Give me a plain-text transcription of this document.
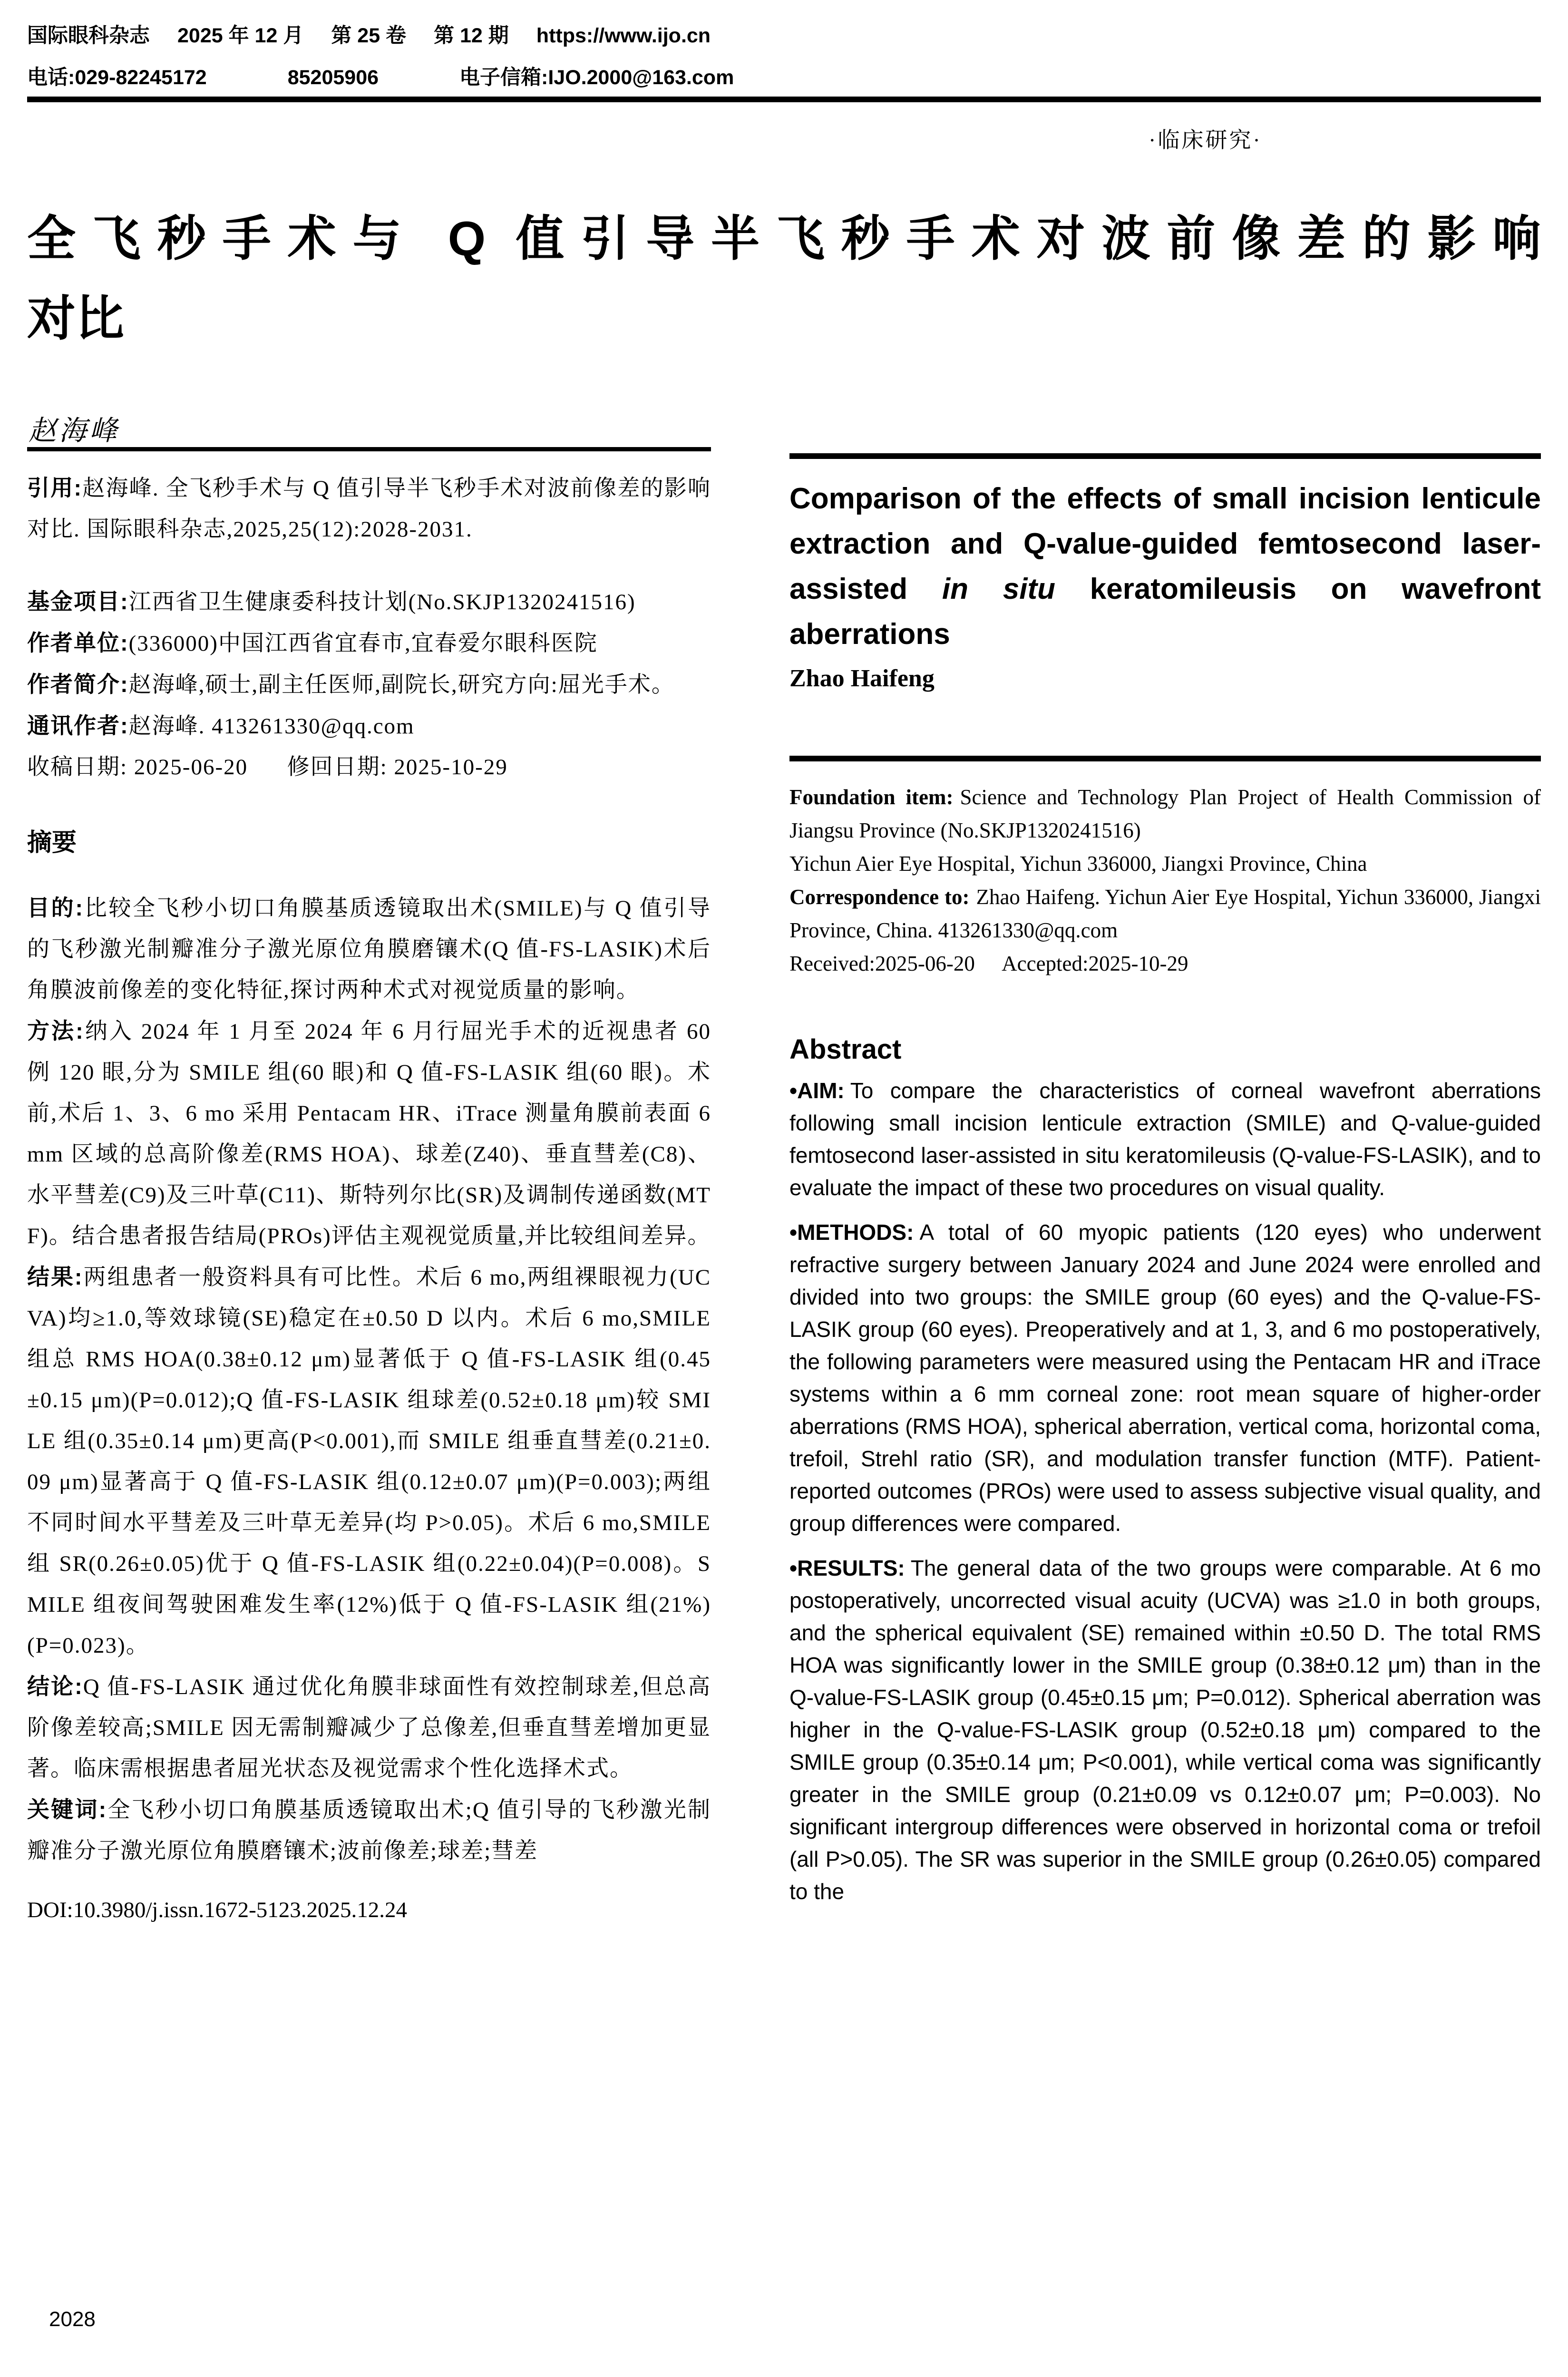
国际眼科杂志 2025 年 12 月 第 25 卷 第 12 期 https://www.ijo.cn
电话:029-82245172	85205906	电子信箱:IJO.2000@163.com
·临床研究·
全飞秒手术与 Q 值引导半飞秒手术对波前像差的影响
对比
赵海峰

引用:赵海峰. 全飞秒手术与 Q 值引导半飞秒手术对波前像差的影响对比. 国际眼科杂志,2025,25(12):2028-2031.

基金项目:江西省卫生健康委科技计划(No.SKJP1320241516)

作者单位:(336000)中国江西省宜春市,宜春爱尔眼科医院

作者简介:赵海峰,硕士,副主任医师,副院长,研究方向:屈光手术。

通讯作者:赵海峰. 413261330@qq.com

收稿日期: 2025-06-20      修回日期: 2025-10-29

摘要

目的:比较全飞秒小切口角膜基质透镜取出术(SMILE)与 Q 值引导的飞秒激光制瓣准分子激光原位角膜磨镶术(Q 值-FS-LASIK)术后角膜波前像差的变化特征,探讨两种术式对视觉质量的影响。

方法:纳入 2024 年 1 月至 2024 年 6 月行屈光手术的近视患者 60 例 120 眼,分为 SMILE 组(60 眼)和 Q 值-FS-LASIK 组(60 眼)。术前,术后 1、3、6 mo 采用 Pentacam HR、iTrace 测量角膜前表面 6 mm 区域的总高阶像差(RMS HOA)、球差(Z40)、垂直彗差(C8)、水平彗差(C9)及三叶草(C11)、斯特列尔比(SR)及调制传递函数(MTF)。结合患者报告结局(PROs)评估主观视觉质量,并比较组间差异。

结果:两组患者一般资料具有可比性。术后 6 mo,两组裸眼视力(UCVA)均≥1.0,等效球镜(SE)稳定在±0.50 D 以内。术后 6 mo,SMILE 组总 RMS HOA(0.38±0.12 μm)显著低于 Q 值-FS-LASIK 组(0.45±0.15 μm)(P=0.012);Q 值-FS-LASIK 组球差(0.52±0.18 μm)较 SMILE 组(0.35±0.14 μm)更高(P<0.001),而 SMILE 组垂直彗差(0.21±0.09 μm)显著高于 Q 值-FS-LASIK 组(0.12±0.07 μm)(P=0.003);两组不同时间水平彗差及三叶草无差异(均 P>0.05)。术后 6 mo,SMILE 组 SR(0.26±0.05)优于 Q 值-FS-LASIK 组(0.22±0.04)(P=0.008)。SMILE 组夜间驾驶困难发生率(12%)低于 Q 值-FS-LASIK 组(21%)(P=0.023)。

结论:Q 值-FS-LASIK 通过优化角膜非球面性有效控制球差,但总高阶像差较高;SMILE 因无需制瓣减少了总像差,但垂直彗差增加更显著。临床需根据患者屈光状态及视觉需求个性化选择术式。

关键词:全飞秒小切口角膜基质透镜取出术;Q 值引导的飞秒激光制瓣准分子激光原位角膜磨镶术;波前像差;球差;彗差

DOI:10.3980/j.issn.1672-5123.2025.12.24

Comparison of the effects of small incision lenticule extraction and Q-value-guided femtosecond laser-assisted in situ keratomileusis on wavefront aberrations
Zhao Haifeng

Foundation item: Science and Technology Plan Project of Health Commission of Jiangsu Province (No.SKJP1320241516)

Yichun Aier Eye Hospital, Yichun 336000, Jiangxi Province, China

Correspondence to: Zhao Haifeng. Yichun Aier Eye Hospital, Yichun 336000, Jiangxi Province, China. 413261330@qq.com

Received:2025-06-20     Accepted:2025-10-29

Abstract

•AIM: To compare the characteristics of corneal wavefront aberrations following small incision lenticule extraction (SMILE) and Q-value-guided femtosecond laser-assisted in situ keratomileusis (Q-value-FS-LASIK), and to evaluate the impact of these two procedures on visual quality.

•METHODS: A total of 60 myopic patients (120 eyes) who underwent refractive surgery between January 2024 and June 2024 were enrolled and divided into two groups: the SMILE group (60 eyes) and the Q-value-FS-LASIK group (60 eyes). Preoperatively and at 1, 3, and 6 mo postoperatively, the following parameters were measured using the Pentacam HR and iTrace systems within a 6 mm corneal zone: root mean square of higher-order aberrations (RMS HOA), spherical aberration, vertical coma, horizontal coma, trefoil, Strehl ratio (SR), and modulation transfer function (MTF). Patient-reported outcomes (PROs) were used to assess subjective visual quality, and group differences were compared.

•RESULTS: The general data of the two groups were comparable. At 6 mo postoperatively, uncorrected visual acuity (UCVA) was ≥1.0 in both groups, and the spherical equivalent (SE) remained within ±0.50 D. The total RMS HOA was significantly lower in the SMILE group (0.38±0.12 μm) than in the Q-value-FS-LASIK group (0.45±0.15 μm; P=0.012). Spherical aberration was higher in the Q-value-FS-LASIK group (0.52±0.18 μm) compared to the SMILE group (0.35±0.14 μm; P<0.001), while vertical coma was significantly greater in the SMILE group (0.21±0.09 vs 0.12±0.07 μm; P=0.003). No significant intergroup differences were observed in horizontal coma or trefoil (all P>0.05). The SR was superior in the SMILE group (0.26±0.05) compared to the

2028
